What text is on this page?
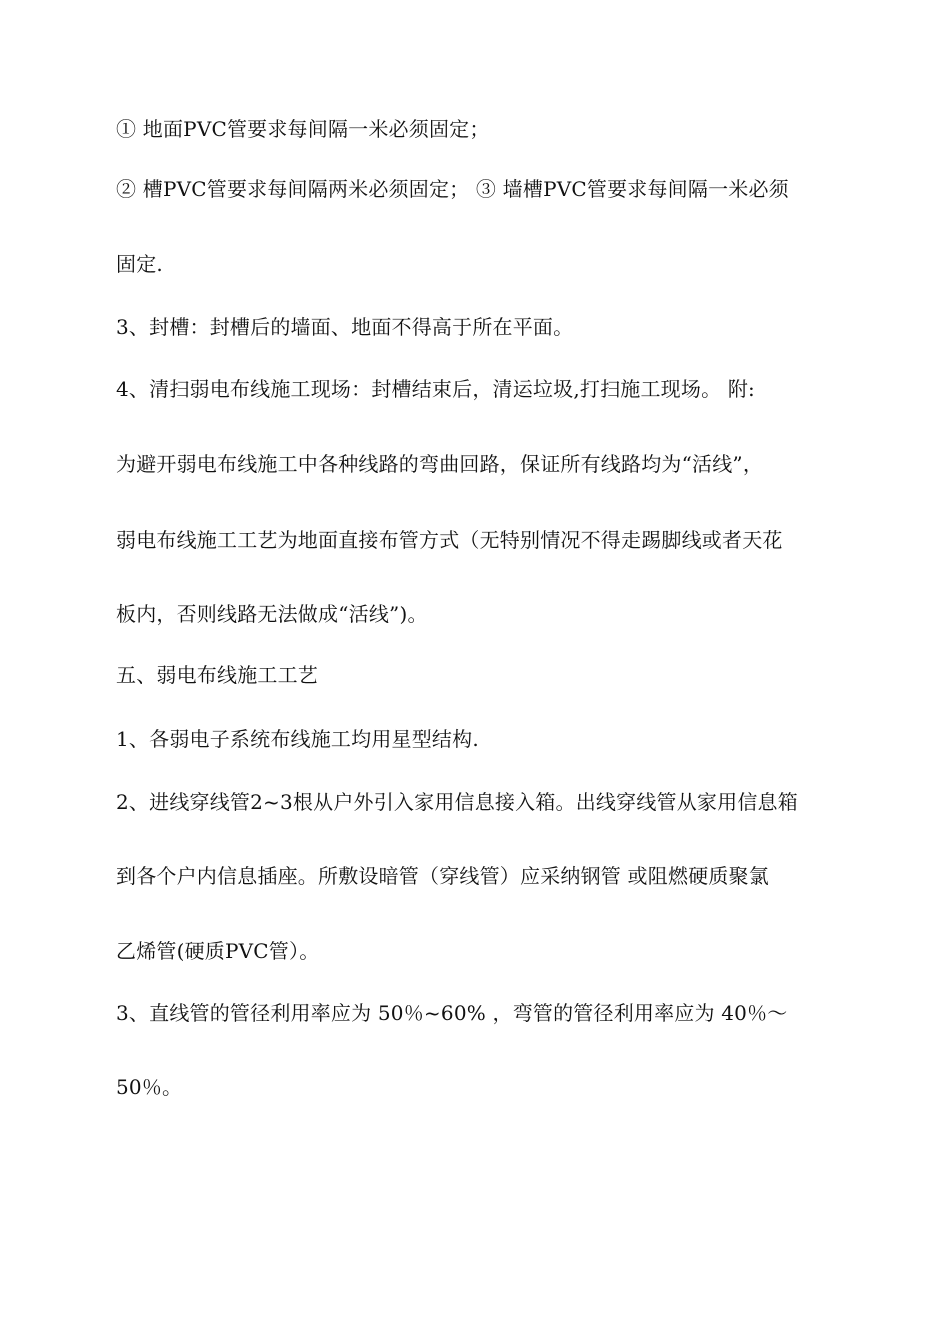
① 地面PVC管要求每间隔一米必须固定；
② 槽PVC管要求每间隔两米必须固定； ③ 墙槽PVC管要求每间隔一米必须
固定.
3、封槽：封槽后的墙面、地面不得高于所在平面。
4、清扫弱电布线施工现场：封槽结束后，清运垃圾,打扫施工现场。 附:
为避开弱电布线施工中各种线路的弯曲回路，保证所有线路均为“活线”，
弱电布线施工工艺为地面直接布管方式（无特别情况不得走踢脚线或者天花
板内，否则线路无法做成“活线”)。
五、弱电布线施工工艺
1、各弱电子系统布线施工均用星型结构.
2、进线穿线管2~3根从户外引入家用信息接入箱。出线穿线管从家用信息箱
到各个户内信息插座。所敷设暗管（穿线管）应采纳钢管 或阻燃硬质聚氯
乙烯管(硬质PVC管）。
3、直线管的管径利用率应为 50％~60% ，弯管的管径利用率应为 40％～
50％。
